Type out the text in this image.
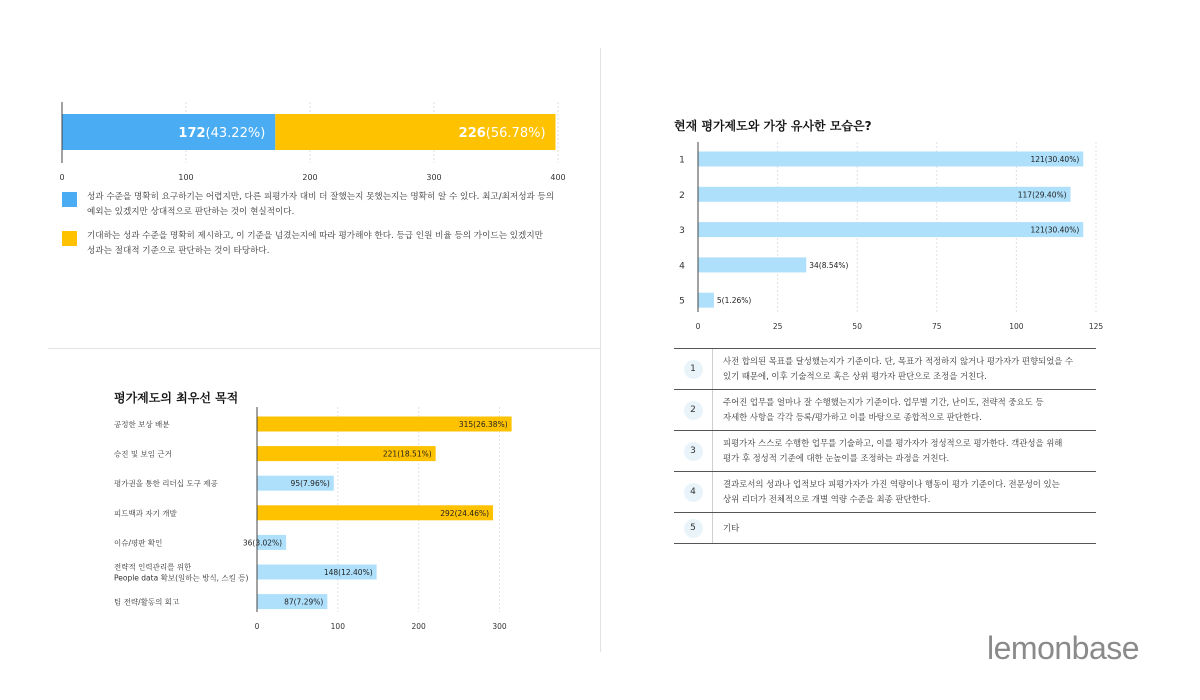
0	100	200	300	400
172(43.22%)	226(56.78%)
성과 수준을 명확히 요구하기는 어렵지만, 다른 피평가자 대비 더 잘했는지 못했는지는 명확히 알 수 있다. 최고/최저성과 등의
예외는 있겠지만 상대적으로 판단하는 것이 현실적이다.
기대하는 성과 수준을 명확히 제시하고, 이 기준을 넘겼는지에 따라 평가해야 한다. 등급 인원 비율 등의 가이드는 있겠지만
성과는 절대적 기준으로 판단하는 것이 타당하다.
현재 평가제도와 가장 유사한 모습은?
0	25	50	75	100	125
1	121(30.40%)
2	117(29.40%)
3	121(30.40%)
4	34(8.54%)
5	5(1.26%)
1
사전 합의된 목표를 달성했는지가 기준이다. 단, 목표가 적정하지 않거나 평가자가 편향되었을 수
있기 때문에, 이후 기술적으로 혹은 상위 평가자 판단으로 조정을 거친다.
2
주어진 업무를 얼마나 잘 수행했는지가 기준이다. 업무별 기간, 난이도, 전략적 중요도 등
자세한 사항을 각각 등록/평가하고 이를 바탕으로 종합적으로 판단한다.
3
피평가자 스스로 수행한 업무를 기술하고, 이를 평가자가 정성적으로 평가한다. 객관성을 위해
평가 후 정성적 기준에 대한 눈높이를 조정하는 과정을 거친다.
4
결과로서의 성과나 업적보다 피평가자가 가진 역량이나 행동이 평가 기준이다. 전문성이 있는
상위 리더가 전체적으로 개별 역량 수준을 최종 판단한다.
5	기타
평가제도의 최우선 목적
0	100	200	300
공정한 보상 배분	315(26.38%)
승진 및 보임 근거	221(18.51%)
평가권을 통한 리더십 도구 제공	95(7.96%)
피드백과 자기 개발	292(24.46%)
이슈/평판 확인	36(3.02%)
전략적 인력관리를 위한
People data 확보(일하는 방식, 스킬 등)
148(12.40%)
팀 전략/활동의 회고	87(7.29%)
lemonbase
